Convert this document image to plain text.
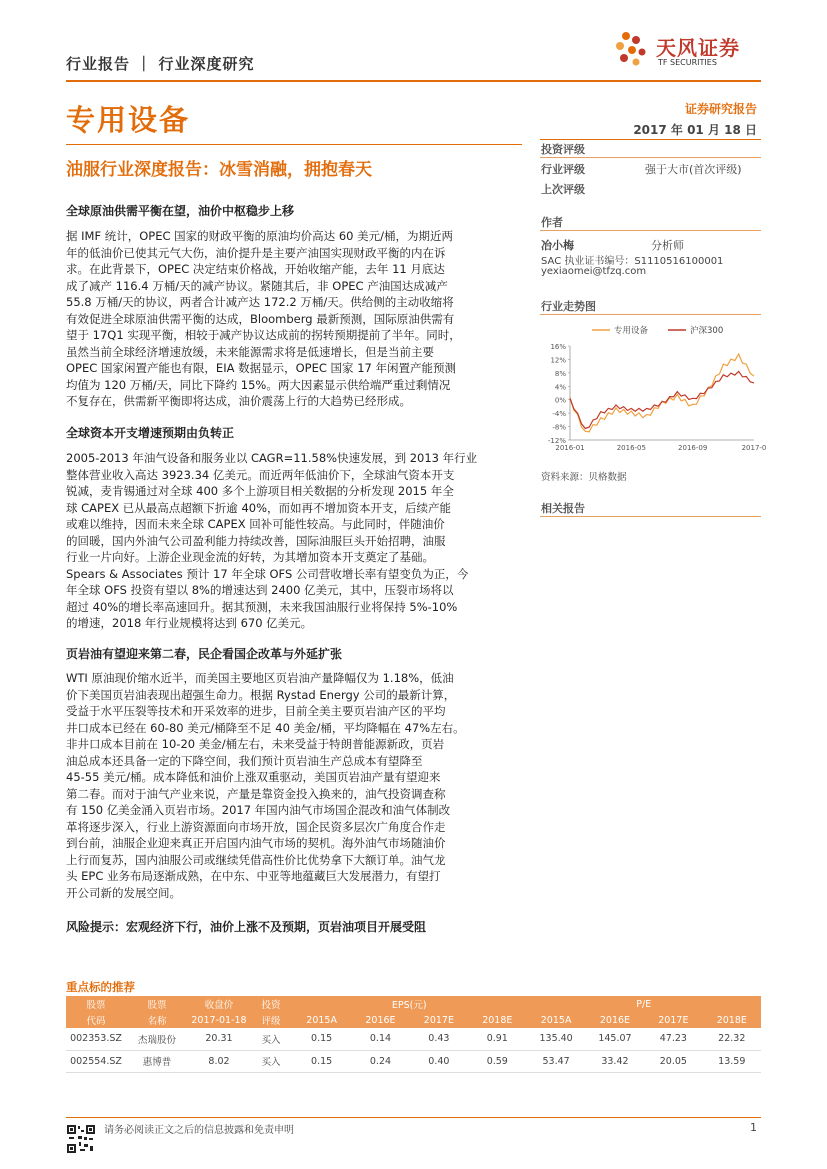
行业报告 ｜ 行业深度研究
天风证券
TF SECURITIES
专用设备	证券研究报告
2017 年 01 月 18 日
油服行业深度报告：冰雪消融，拥抱春天
全球原油供需平衡在望，油价中枢稳步上移
据 IMF 统计，OPEC 国家的财政平衡的原油均价高达 60 美元/桶，为期近两
年的低油价已使其元气大伤，油价提升是主要产油国实现财政平衡的内在诉
求。在此背景下，OPEC 决定结束价格战，开始收缩产能，去年 11 月底达
成了减产 116.4 万桶/天的减产协议。紧随其后，非 OPEC 产油国达成减产
55.8 万桶/天的协议，两者合计减产达 172.2 万桶/天。供给侧的主动收缩将
有效促进全球原油供需平衡的达成，Bloomberg 最新预测，国际原油供需有
望于 17Q1 实现平衡，相较于减产协议达成前的拐转预期提前了半年。同时，
虽然当前全球经济增速放缓，未来能源需求将是低速增长，但是当前主要
OPEC 国家闲置产能也有限，EIA 数据显示，OPEC 国家 17 年闲置产能预测
均值为 120 万桶/天，同比下降约 15%。两大因素显示供给端严重过剩情况
不复存在，供需新平衡即将达成，油价震荡上行的大趋势已经形成。
全球资本开支增速预期由负转正
2005-2013 年油气设备和服务业以 CAGR=11.58%快速发展，到 2013 年行业
整体营业收入高达 3923.34 亿美元。而近两年低油价下，全球油气资本开支
锐减，麦肯锡通过对全球 400 多个上游项目相关数据的分析发现 2015 年全
球 CAPEX 已从最高点超额下折逾 40%，而如再不增加资本开支，后续产能
或难以维持，因而未来全球 CAPEX 回补可能性较高。与此同时，伴随油价
的回暖，国内外油气公司盈利能力持续改善，国际油服巨头开始招聘，油服
行业一片向好。上游企业现金流的好转，为其增加资本开支奠定了基础。
Spears & Associates 预计 17 年全球 OFS 公司营收增长率有望变负为正，今
年全球 OFS 投资有望以 8%的增速达到 2400 亿美元，其中，压裂市场将以
超过 40%的增长率高速回升。据其预测，未来我国油服行业将保持 5%-10%
的增速，2018 年行业规模将达到 670 亿美元。
页岩油有望迎来第二春，民企看国企改革与外延扩张
WTI 原油现价缩水近半，而美国主要地区页岩油产量降幅仅为 1.18%，低油
价下美国页岩油表现出超强生命力。根据 Rystad Energy 公司的最新计算，
受益于水平压裂等技术和开采效率的进步，目前全美主要页岩油产区的平均
井口成本已经在 60-80 美元/桶降至不足 40 美金/桶，平均降幅在 47%左右。
非井口成本目前在 10-20 美金/桶左右，未来受益于特朗普能源新政，页岩
油总成本还具备一定的下降空间，我们预计页岩油生产总成本有望降至
45-55 美元/桶。成本降低和油价上涨双重驱动，美国页岩油产量有望迎来
第二春。而对于油气产业来说，产量是靠资金投入换来的，油气投资调查称
有 150 亿美金涌入页岩市场。2017 年国内油气市场国企混改和油气体制改
革将逐步深入，行业上游资源面向市场开放，国企民资多层次广角度合作走
到台前，油服企业迎来真正开启国内油气市场的契机。海外油气市场随油价
上行而复苏，国内油服公司或继续凭借高性价比优势拿下大额订单。油气龙
头 EPC 业务布局逐渐成熟，在中东、中亚等地蕴藏巨大发展潜力，有望打
开公司新的发展空间。
风险提示：宏观经济下行，油价上涨不及预期，页岩油项目开展受阻
投资评级
行业评级	强于大市(首次评级)
上次评级
作者
冶小梅	分析师
SAC 执业证书编号：S1110516100001
yexiaomei@tfzq.com
行业走势图
16%
12%
8%
4%
0%
-4%
-8%
-12%
2016-01	2016-05	2016-09	2017-0
专用设备	沪深300
资料来源：贝格数据
相关报告
重点标的推荐
股票	股票	收盘价	投资	EPS(元)				P/E			
代码	名称	2017-01-18	评级	2015A	2016E	2017E	2018E	2015A	2016E	2017E	2018E
002353.SZ	杰瑞股份	20.31	买入	0.15	0.14	0.43	0.91	135.40	145.07	47.23	22.32
002554.SZ	惠博普	8.02	买入	0.15	0.24	0.40	0.59	53.47	33.42	20.05	13.59
请务必阅读正文之后的信息披露和免责申明	1
